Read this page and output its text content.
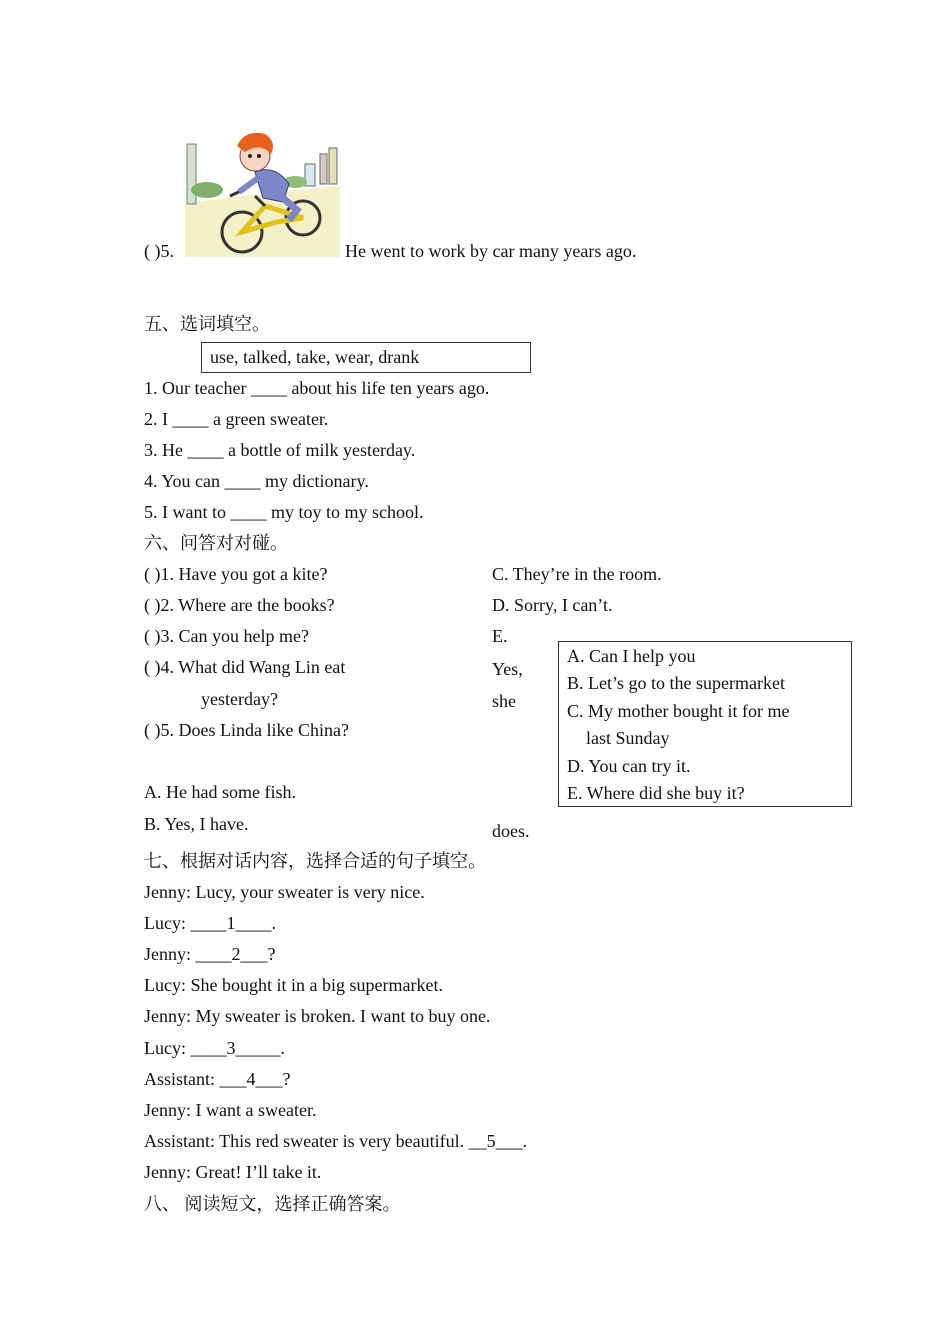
( )5.	He went to work by car many years ago.
五、选词填空。
use, talked, take, wear, drank
1. Our teacher ____ about his life ten years ago.
2. I ____ a green sweater.
3. He ____ a bottle of milk yesterday.
4. You can ____ my dictionary.
5. I want to ____ my toy to my school.
六、问答对对碰。
( )1. Have you got a kite?
( )2. Where are the books?
( )3. Can you help me?
( )4. What did Wang Lin eat
yesterday?
( )5. Does Linda like China?
A. He had some fish.
B. Yes, I have.
C. They’re in the room.
D. Sorry, I can’t.
E.
Yes,
she
does.
A. Can I help you
B. Let’s go to the supermarket
C. My mother bought it for me
last Sunday
D. You can try it.
E. Where did she buy it?
七、根据对话内容，选择合适的句子填空。
Jenny: Lucy, your sweater is very nice.
Lucy: ____1____.
Jenny: ____2___?
Lucy: She bought it in a big supermarket.
Jenny: My sweater is broken. I want to buy one.
Lucy: ____3_____.
Assistant: ___4___?
Jenny: I want a sweater.
Assistant: This red sweater is very beautiful. __5___.
Jenny: Great! I’ll take it.
八、 阅读短文，选择正确答案。
